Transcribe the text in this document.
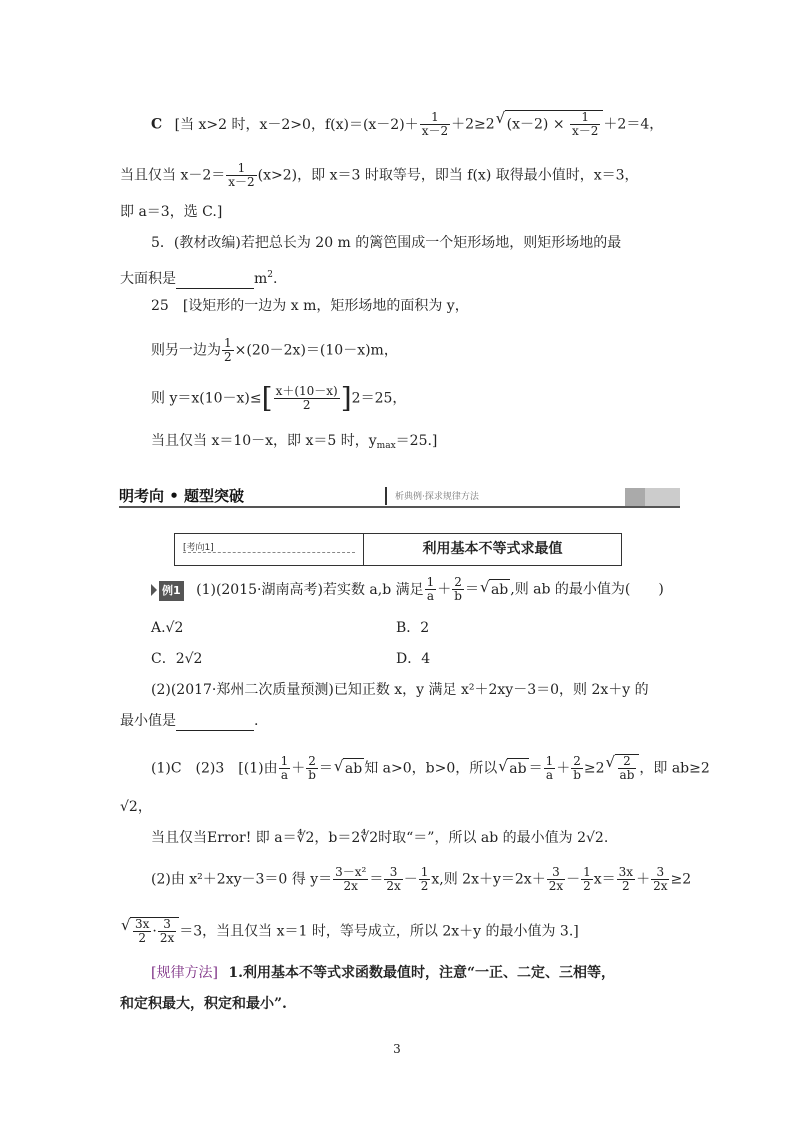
C [当 x>2 时，x－2>0，$f(x)=(x-2)+ \frac{1}{x-2} +2\ge 2√$ $(x-2) \times \frac{1}{x-2} +2=4$，
当且仅当 $x-2= \frac{1}{x-2} (x>2)$，即 x＝3 时取等号，即当 f(x) 取得最小值时，x＝3，
即 a＝3，选 C.]
5．(教材改编)若把总长为 20 m 的篱笆围成一个矩形场地，则矩形场地的最
大面积是	$m^2$.
25　[设矩形的一边为 x m，矩形场地的面积为 y，
则另一边为 $\frac{1}{2} \times(20-2x)=(10-x)m$，
则 $y=x(10-x)\le[ \frac{x+(10-x)}{2} ]2=25$，
当且仅当 x＝10－x，即 x＝5 时，$y_{max}=25$.]
明考向 • 题型突破	析典例·探求规律方法
[考向1]	利用基本不等式求最值
例1 (1)(2015·湖南高考)若实数 a,b 满足 $\frac{1}{a} + \frac{2}{b}$ ＝√ ab ,则 ab 的最小值为(　　)
A.√2	B．2
C．2√2	D．4
(2)(2017·郑州二次质量预测)已知正数 x，y 满足 x²＋2xy－3＝0，则 2x＋y 的
最小值是	.
(1)C　(2)3　[(1)由 $\frac{1}{a} + \frac{2}{b}$ ＝√ ab 知 a>0，b>0，所以√ ab ＝ $\frac{1}{a} + \frac{2}{b} \ge 2$
√ $\frac{2}{ab}$ ，即 ab≥2
√2，
当且仅当Error! 即 a＝∜2，b＝2∜2时取“＝”，所以 ab 的最小值为 2√2.
(2)由 x²＋2xy－3＝0 得 $y= \frac{\text{3－x²}}{2x} = \frac{3}{2x} - \frac{1}{2} x$,则 $2x+y=2x+ \frac{3}{2x} - \frac{1}{2} x= \frac{3x}{2} + \frac{3}{2x} \ge 2$
√ $\frac{3x}{2} \cdot \frac{3}{2x} =3$，当且仅当 x＝1 时，等号成立，所以 2x＋y 的最小值为 3.]
[规律方法] 1.利用基本不等式求函数最值时，注意“一正、二定、三相等，
和定积最大，积定和最小”.
3
